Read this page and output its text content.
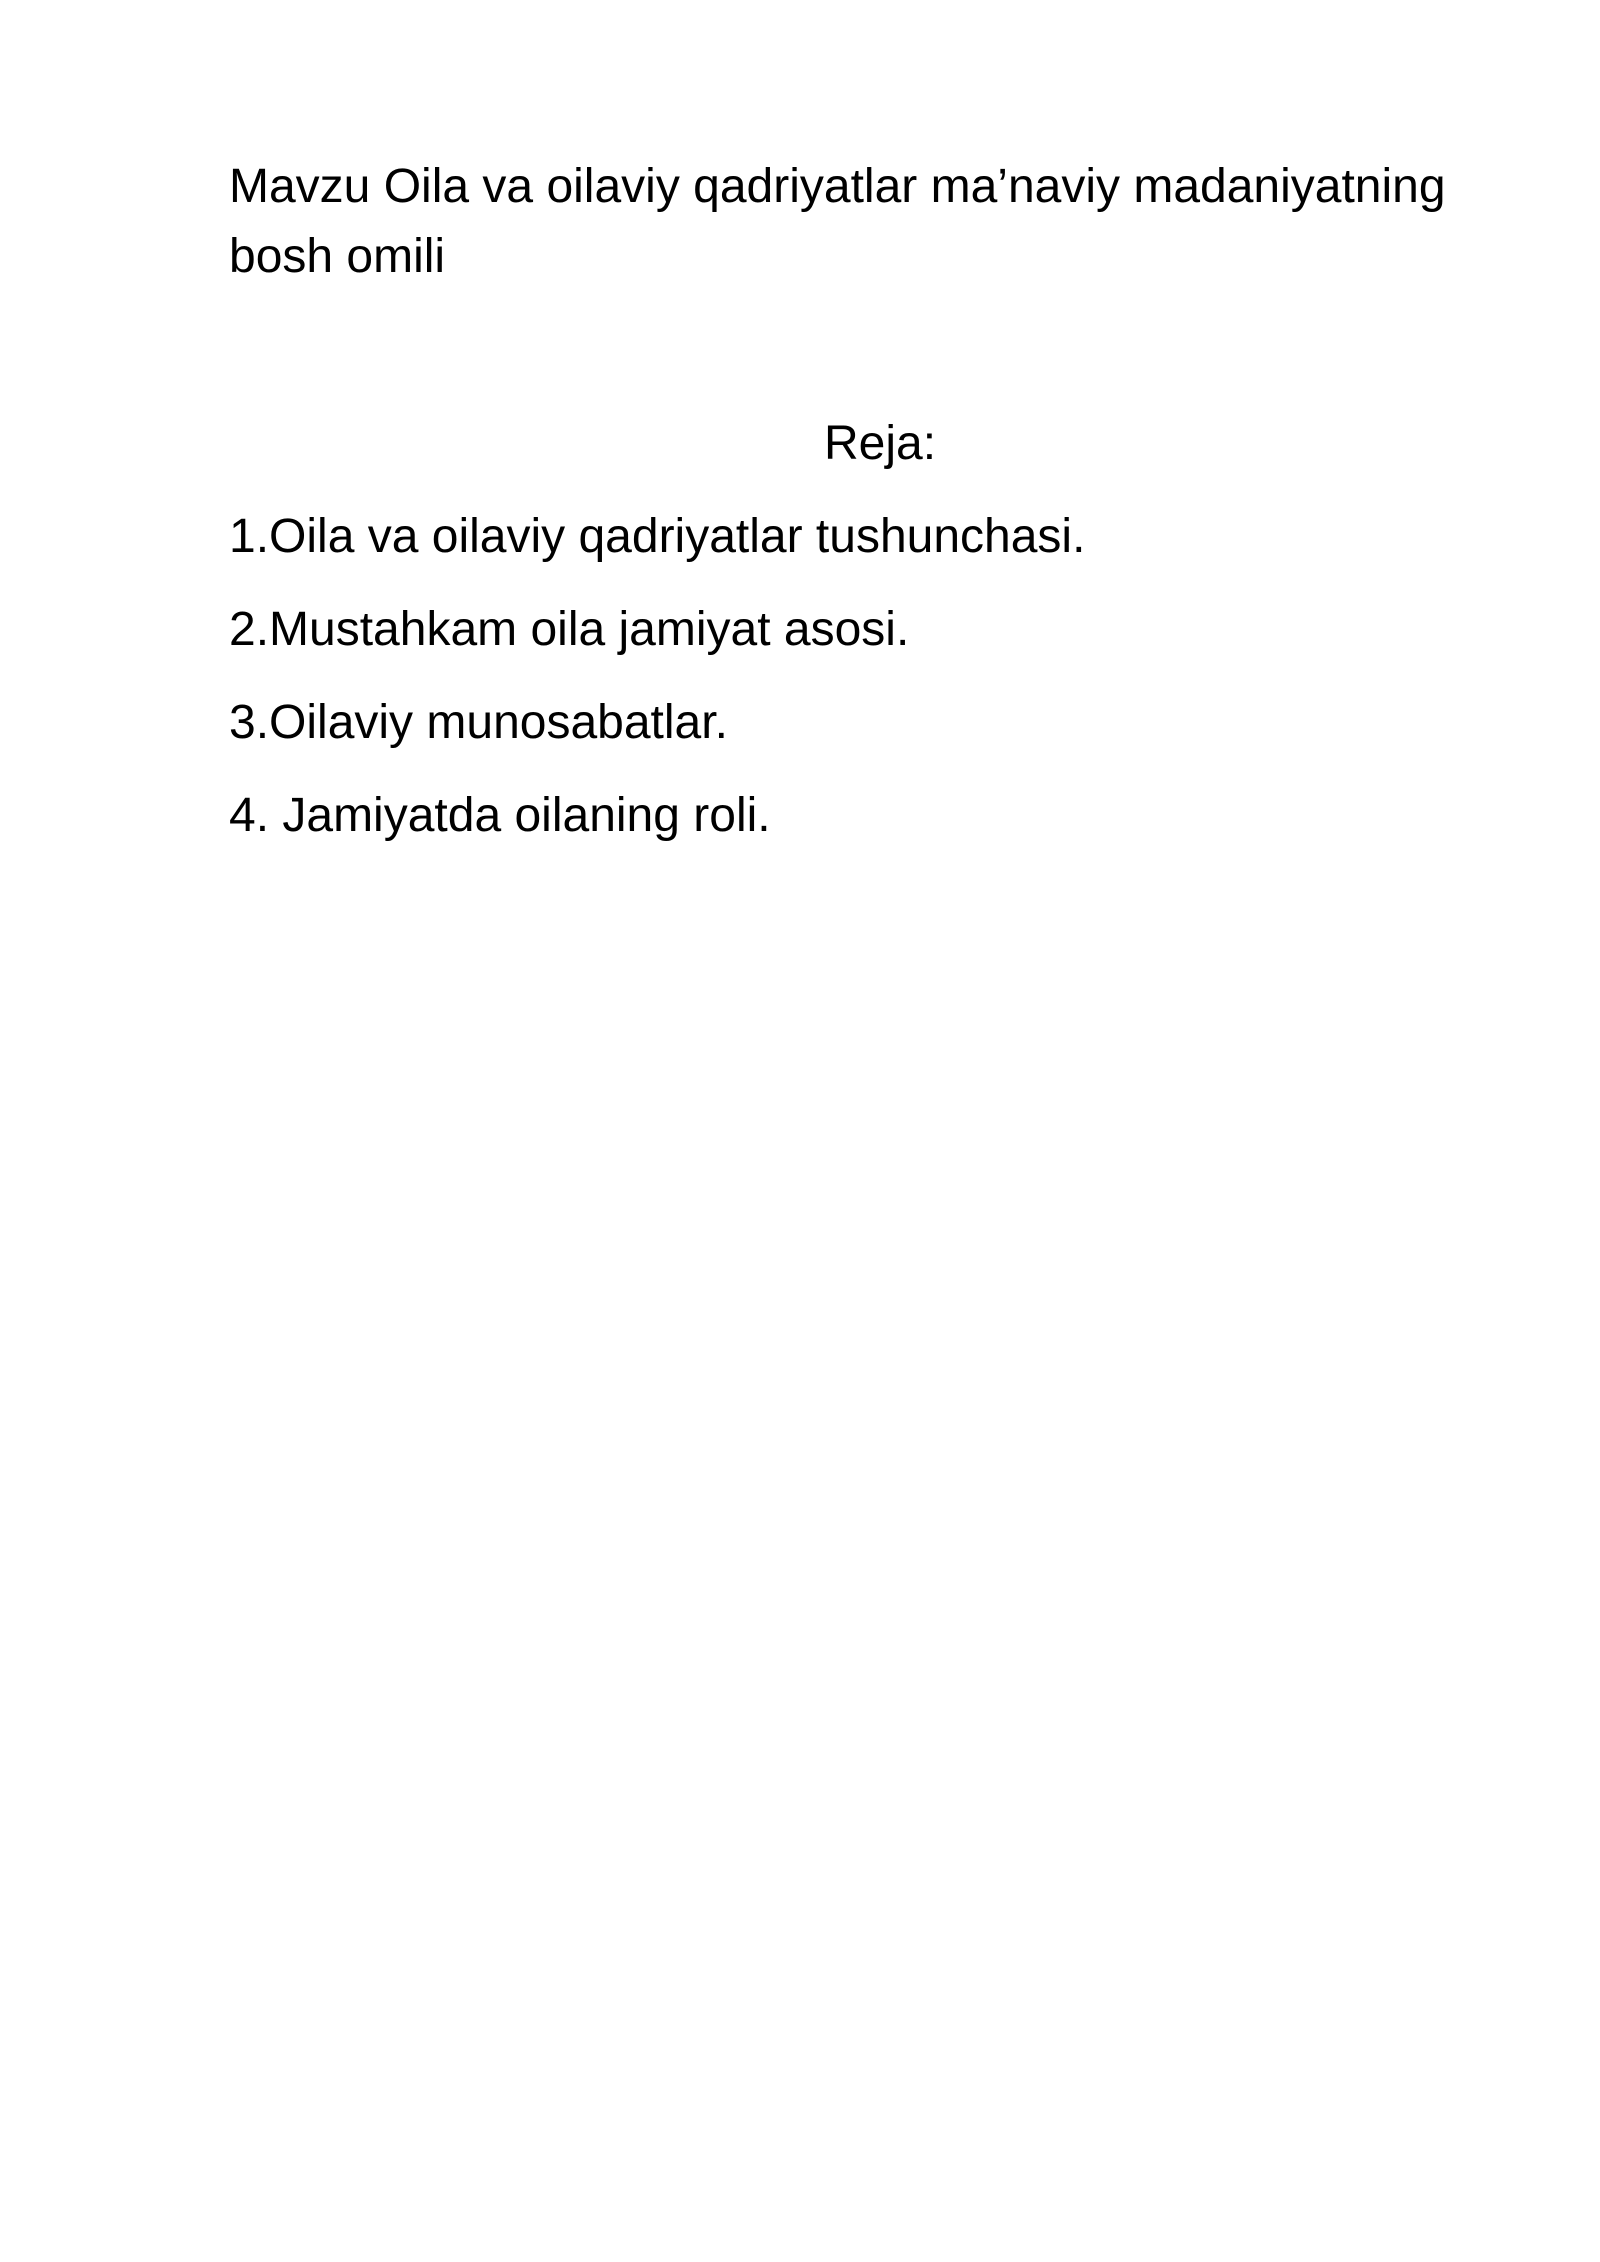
Mavzu Oila va oilaviy qadriyatlar ma’naviy madaniyatning bosh omili

Reja:

1.Oila va oilaviy qadriyatlar tushunchasi.
2.Mustahkam oila jamiyat asosi.
3.Oilaviy munosabatlar.
4. Jamiyatda oilaning roli.
